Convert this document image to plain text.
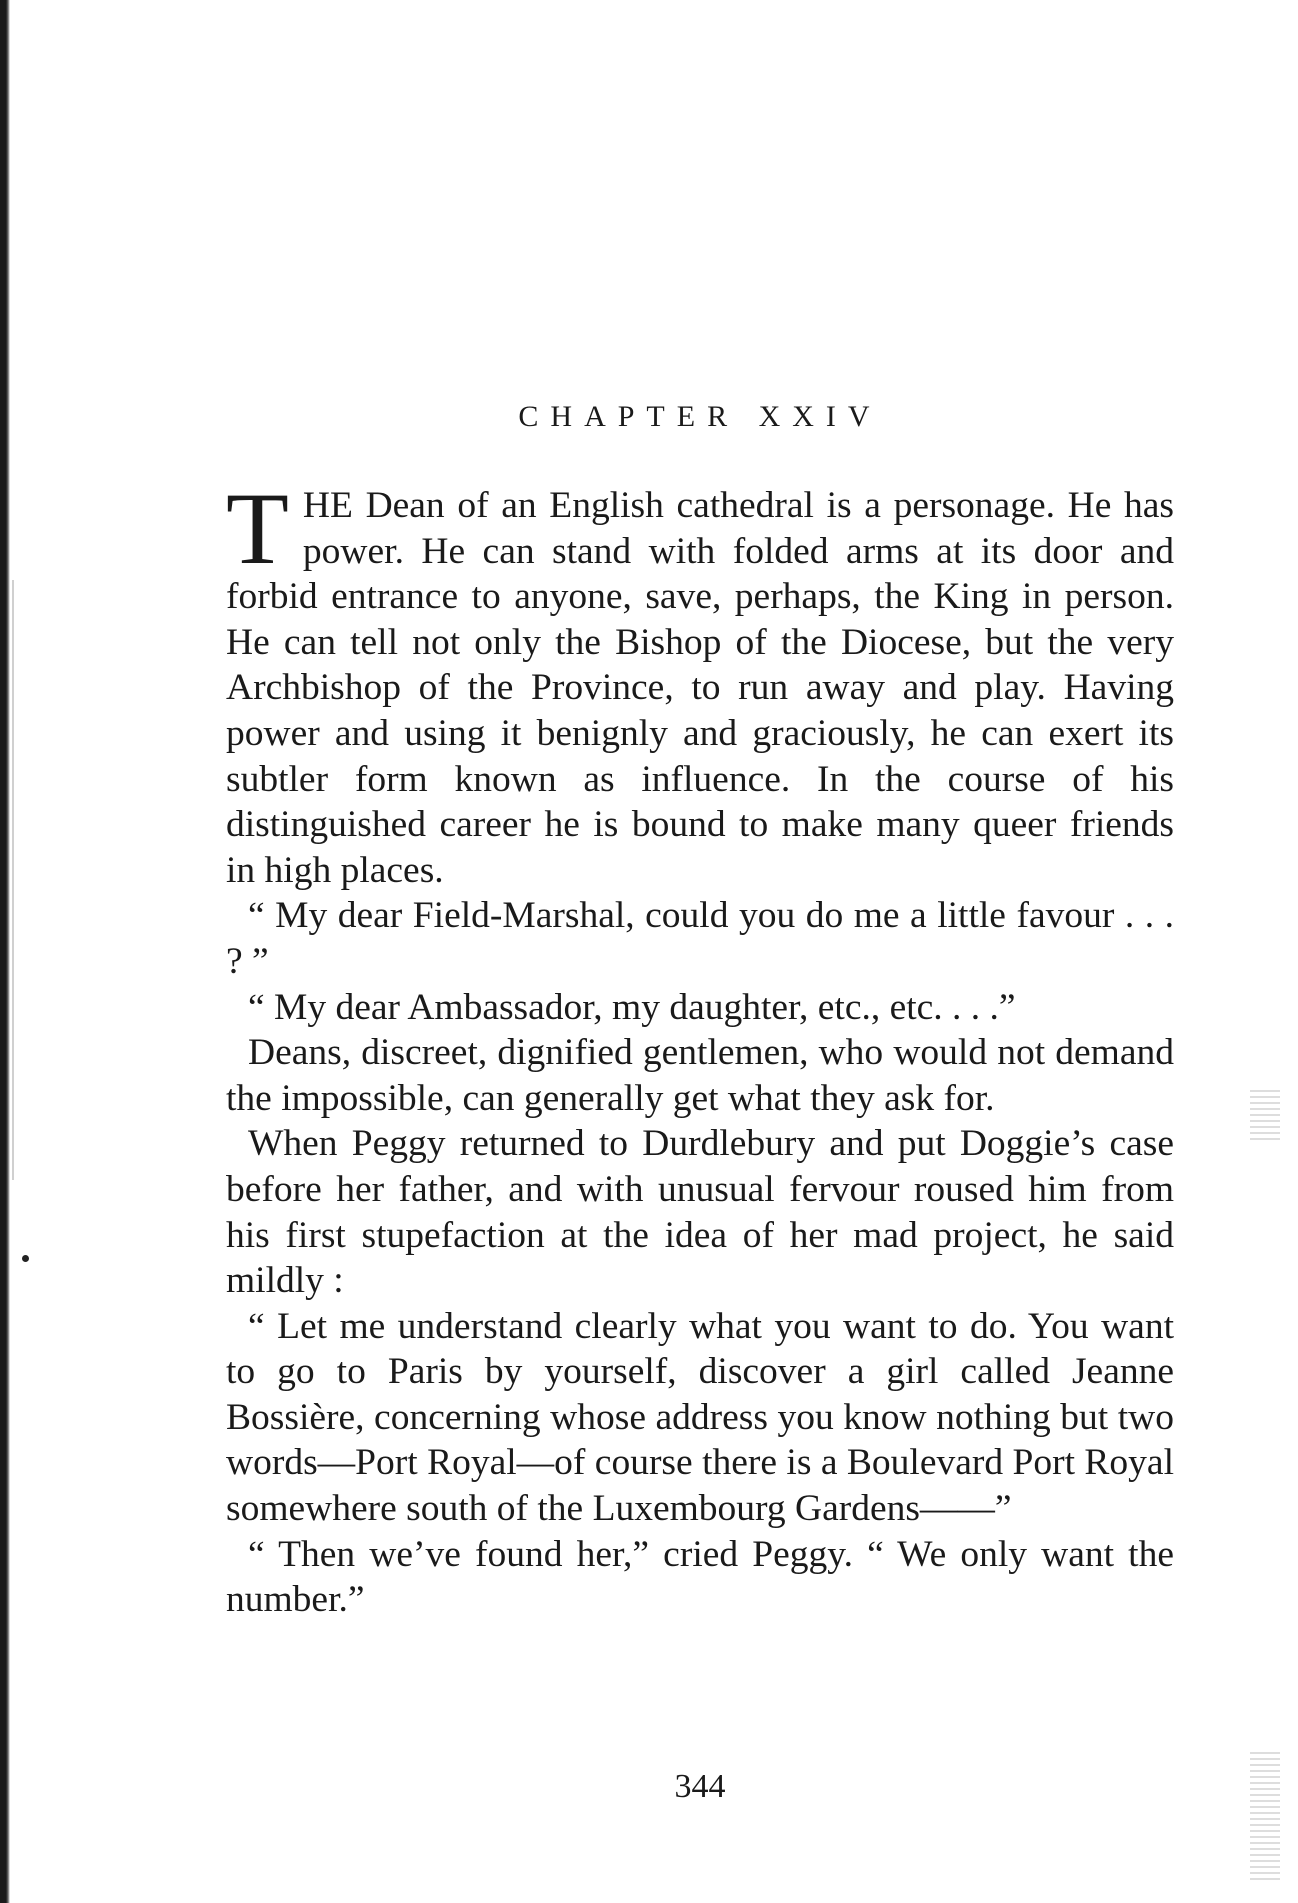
CHAPTER XXIV

THE Dean of an English cathedral is a personage. He has power. He can stand with folded arms at its door and forbid entrance to anyone, save, perhaps, the King in person. He can tell not only the Bishop of the Diocese, but the very Archbishop of the Province, to run away and play. Having power and using it benignly and graciously, he can exert its subtler form known as influence. In the course of his distinguished career he is bound to make many queer friends in high places.

“ My dear Field-Marshal, could you do me a little favour . . . ? ”

“ My dear Ambassador, my daughter, etc., etc. . . .”

Deans, discreet, dignified gentlemen, who would not demand the impossible, can generally get what they ask for.

When Peggy returned to Durdlebury and put Doggie’s case before her father, and with unusual fervour roused him from his first stupefaction at the idea of her mad project, he said mildly :

“ Let me understand clearly what you want to do. You want to go to Paris by yourself, discover a girl called Jeanne Bossière, concerning whose address you know nothing but two words—Port Royal—of course there is a Boulevard Port Royal somewhere south of the Luxembourg Gardens——”

“ Then we’ve found her,” cried Peggy. “ We only want the number.”

344
